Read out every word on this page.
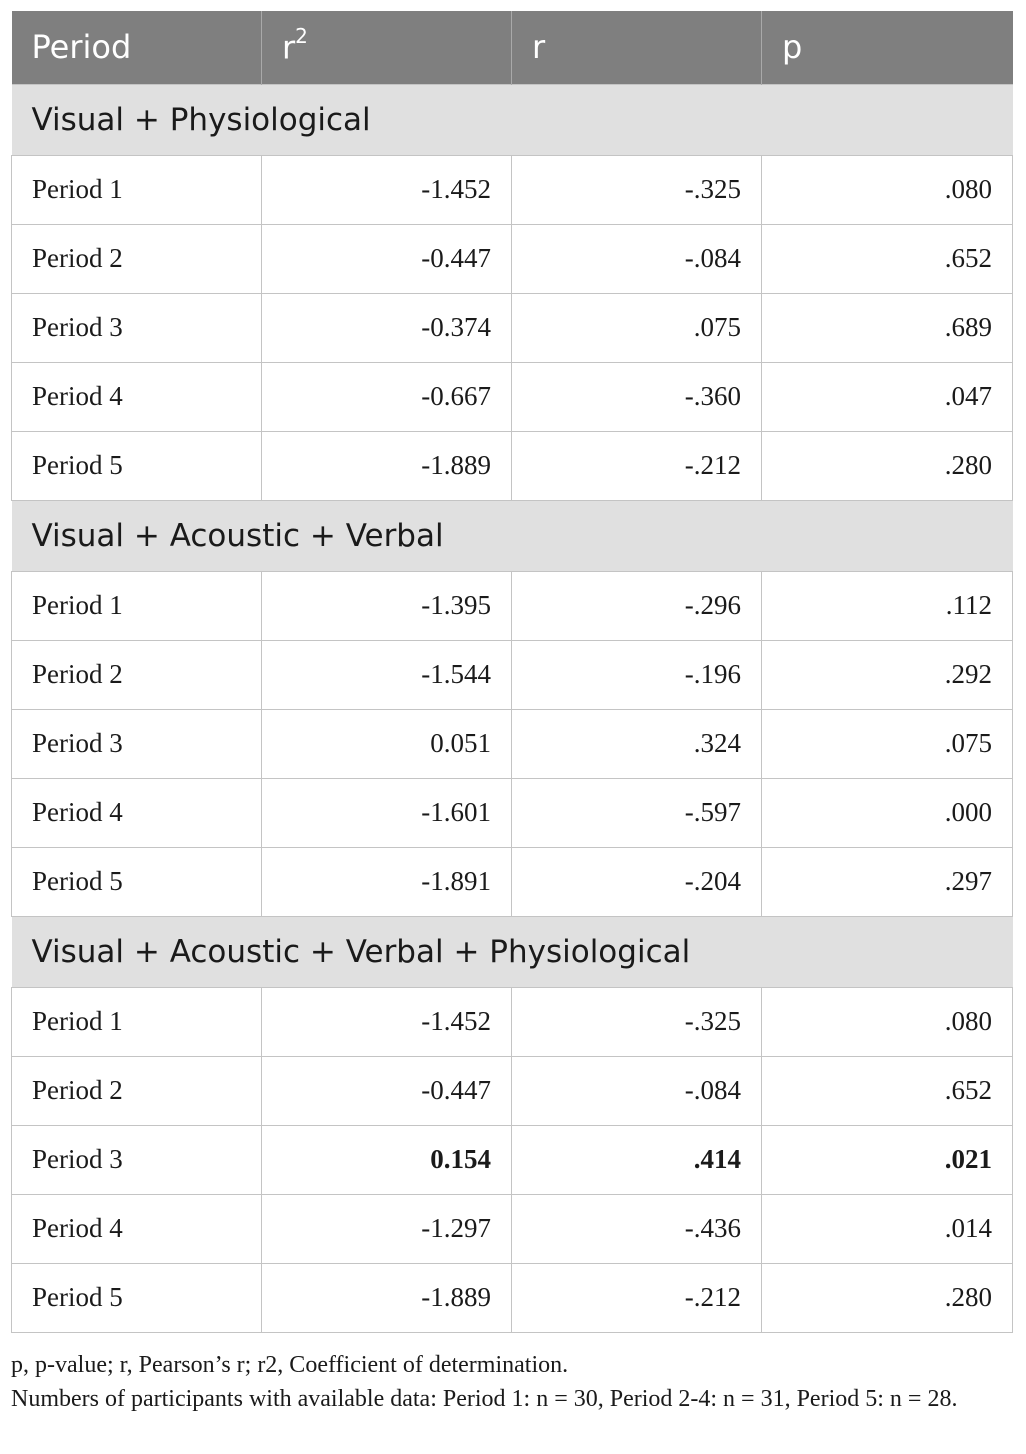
Period	$r^2$	r	p
Visual + Physiological			
Period 1	-1.452	-.325	.080
Period 2	-0.447	-.084	.652
Period 3	-0.374	.075	.689
Period 4	-0.667	-.360	.047
Period 5	-1.889	-.212	.280
Visual + Acoustic + Verbal			
Period 1	-1.395	-.296	.112
Period 2	-1.544	-.196	.292
Period 3	0.051	.324	.075
Period 4	-1.601	-.597	.000
Period 5	-1.891	-.204	.297
Visual + Acoustic + Verbal + Physiological			
Period 1	-1.452	-.325	.080
Period 2	-0.447	-.084	.652
Period 3	0.154	.414	.021
Period 4	-1.297	-.436	.014
Period 5	-1.889	-.212	.280

p, p-value; r, Pearson’s r; r2, Coefficient of determination.

Numbers of participants with available data: Period 1: n = 30, Period 2-4: n = 31, Period 5: n = 28.
